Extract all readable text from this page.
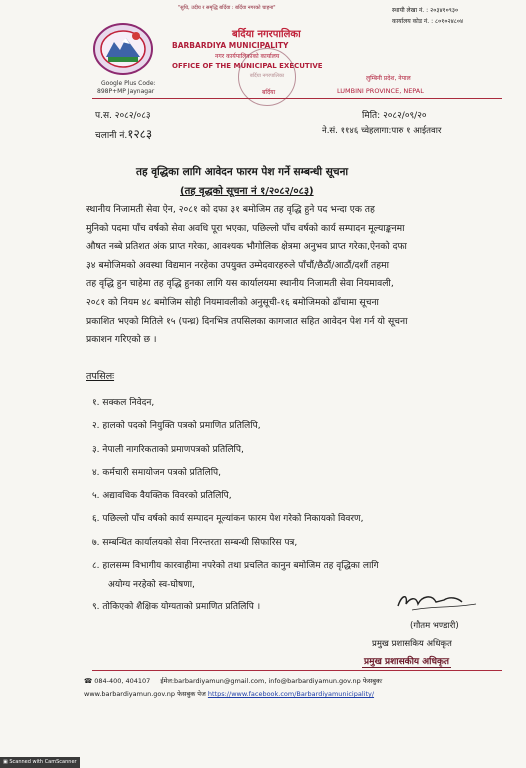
"सुधि, उदीय र समृद्धि बर्दिया : बर्दिया नगरको चाहना"
बर्दिया नगरपालिका
BARBARDIYA MUNICIPALITY
नगर कार्यपालिकाको कार्यालय
OFFICE OF THE MUNICIPAL EXECUTIVE
Google Plus Code:
898P+MP Jaynagar
स्थायी लेखा नं. : २०३४१०९३०
कार्यालय कोड नं. : ८०१०२४८०४
लुम्बिनी प्रदेश, नेपाल
LUMBINI PROVINCE, NEPAL
बर्दिया
बर्दिया नगरपालिका
प.स. २०८२/०८३
चलानी नं.१२८३
मिति: २०८२/०९/२०
ने.सं. ११४६ च्वेहलागा:पारु १ आईतवार
तह वृद्धिका लागि आवेदन फारम पेश गर्ने सम्बन्धी सूचना
(तह वृद्धको सूचना नं १/२०८२/०८३)

स्थानीय निजामती सेवा ऐन, २०८१ को दफा ३१ बमोजिम तह वृद्धि हुने पद भन्दा एक तह

मुनिको पदमा पाँच वर्षको सेवा अवधि पूरा भएका, पछिल्लो पाँच वर्षको कार्य सम्पादन मूल्याङ्कनमा

औषत नब्बे प्रतिशत अंक प्राप्त गरेका, आवश्यक भौगोलिक क्षेत्रमा अनुभव प्राप्त गरेका,ऐनको दफा

३४ बमोजिमको अवस्था विद्यमान नरहेका उपयुक्त उम्मेदवारहरुले पाँचौं/छैठौं/आठौं/दशौं तहमा

तह वृद्धि हुन चाहेमा तह वृद्धि हुनका लागि यस कार्यालयमा स्थानीय निजामती सेवा नियमावली,

२०८१ को नियम ४८ बमोजिम सोही नियमावलीको अनुसूची-१६ बमोजिमको ढाँचामा सूचना

प्रकाशित भएको मितिले १५ (पन्ध्र) दिनभित्र तपसिलका कागजात सहित आवेदन पेश गर्न यो सूचना

प्रकाशन गरिएको छ ।

तपसिलः
१. सक्कल निवेदन,
२. हालको पदको नियुक्ति पत्रको प्रमाणित प्रतिलिपि,
३. नेपाली नागरिकताको प्रमाणपत्रको प्रतिलिपि,
४. कर्मचारी समायोजन पत्रको प्रतिलिपि,
५. अद्यावधिक वैयक्तिक विवरको प्रतिलिपि,
६. पछिल्लो पाँच वर्षको कार्य सम्पादन मूल्यांकन फारम पेश गरेको निकायको विवरण,
७. सम्बन्धित कार्यालयको सेवा निरन्तरता सम्बन्धी सिफारिस पत्र,
८. हालसम्म विभागीय कारवाहीमा नपरेको तथा प्रचलित कानुन बमोजिम तह वृद्धिका लागि
अयोग्य नरहेको स्व-घोषणा,
९. तोकिएको शैक्षिक योग्यताको प्रमाणित प्रतिलिपि ।
(गौतम भण्डारी)
प्रमुख प्रशासकिय अधिकृत
प्रमुख प्रशासकीय अधिकृत
☎ 084-400, 404107 ईमेल:barbardiyamun@gmail.com, info@barbardiyamun.gov.np फेसबुकः
www.barbardiyamun.gov.np फेसबुक पेज https://www.facebook.com/Barbardiyamunicipality/
▣ Scanned with CamScanner
